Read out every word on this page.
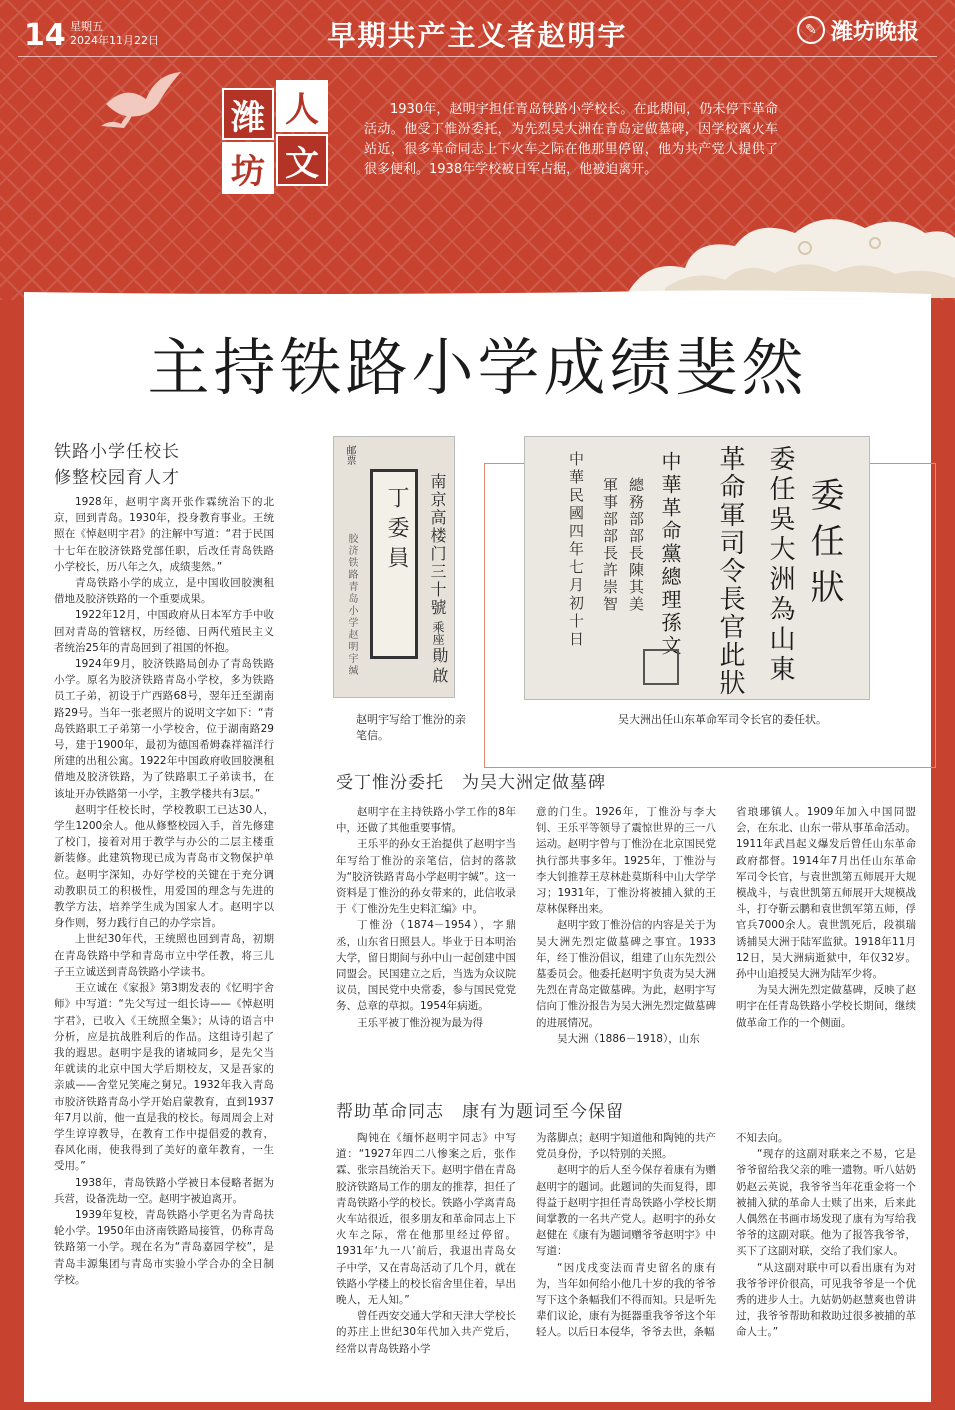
14 星期五
2024年11月22日	早期共产主义者赵明宇	✎ 潍坊晚报
潍 人
坊 文
1930年，赵明宇担任青岛铁路小学校长。在此期间，仍未停下革命活动。他受丁惟汾委托，为先烈吴大洲在青岛定做墓碑，因学校离火车站近，很多革命同志上下火车之际在他那里停留，他为共产党人提供了很多便利。1938年学校被日军占据，他被迫离开。
主持铁路小学成绩斐然
铁路小学任校长
修整校园育人才

1928年，赵明宇离开张作霖统治下的北京，回到青岛。1930年，投身教育事业。王统照在《悼赵明宇君》的注解中写道：“君于民国十七年在胶济铁路党部任职，后改任青岛铁路小学校长，历八年之久，成绩斐然。”

青岛铁路小学的成立，是中国收回胶澳租借地及胶济铁路的一个重要成果。

1922年12月，中国政府从日本军方手中收回对青岛的管辖权，历经德、日两代殖民主义者统治25年的青岛回到了祖国的怀抱。

1924年9月，胶济铁路局创办了青岛铁路小学。原名为胶济铁路青岛小学校，多为铁路员工子弟，初设于广西路68号，翌年迁至湖南路29号。当年一张老照片的说明文字如下：“青岛铁路职工子弟第一小学校舍，位于湖南路29号，建于1900年，最初为德国希姆森祥福洋行所建的出租公寓。1922年中国政府收回胶澳租借地及胶济铁路，为了铁路职工子弟读书，在该址开办铁路第一小学，主教学楼共有3层。”

赵明宇任校长时，学校教职工已达30人，学生1200余人。他从修整校园入手，首先修建了校门，接着对用于教学与办公的二层主楼重新装修。此建筑物现已成为青岛市文物保护单位。赵明宇深知，办好学校的关键在于充分调动教职员工的积极性，用爱国的理念与先进的教学方法，培养学生成为国家人才。赵明宇以身作则，努力践行自己的办学宗旨。

上世纪30年代，王统照也回到青岛，初期在青岛铁路中学和青岛市立中学任教，将三儿子王立诚送到青岛铁路小学读书。

王立诚在《家报》第3期发表的《忆明宇舍师》中写道：“先父写过一组长诗——《悼赵明宇君》，已收入《王统照全集》；从诗的语言中分析，应是抗战胜利后的作品。这组诗引起了我的遐思。赵明宇是我的诸城同乡，是先父当年就读的北京中国大学后期校友，又是吾家的亲戚——舍堂兄笑庵之舅兄。1932年我入青岛市胶济铁路青岛小学开始启蒙教育，直到1937年7月以前，他一直是我的校长。每周周会上对学生谆谆教导，在教育工作中提倡爱的教育，春风化雨，使我得到了美好的童年教育，一生受用。”

1938年，青岛铁路小学被日本侵略者据为兵营，设备洗劫一空。赵明宇被迫离开。

1939年复校，青岛铁路小学更名为青岛扶轮小学。1950年由济南铁路局接管，仍称青岛铁路第一小学。现在名为“青岛嘉园学校”，是青岛丰源集团与青岛市实验小学合办的全日制学校。

邮票
南京高楼门三十號
丁委員
胶济铁路青岛小学赵明宇缄	乘座
勛啟
委任狀
委任吳大洲為山東
革命軍司令長官此狀
中華革命黨總理孫文
總務部部長陳其美
軍事部部長許崇智
中華民國四年七月初十日
赵明宇写给丁惟汾的亲笔信。
吴大洲出任山东革命军司令长官的委任状。
受丁惟汾委托　为吴大洲定做墓碑

赵明宇在主持铁路小学工作的8年中，还做了其他重要事情。

王乐平的孙女王治提供了赵明宇当年写给丁惟汾的亲笔信，信封的落款为“胶济铁路青岛小学赵明宇缄”。这一资料是丁惟汾的孙女带来的，此信收录于《丁惟汾先生史料汇编》中。

丁惟汾（1874－1954），字鼎丞，山东省日照县人。毕业于日本明治大学，留日期间与孙中山一起创建中国同盟会。民国建立之后，当选为众议院议员，国民党中央常委，参与国民党党务、总章的草拟。1954年病逝。

王乐平被丁惟汾视为最为得

意的门生。1926年，丁惟汾与李大钊、王乐平等领导了震惊世界的三一八运动。赵明宇曾与丁惟汾在北京国民党执行部共事多年。1925年，丁惟汾与李大钊推荐王荩林赴莫斯科中山大学学习；1931年，丁惟汾将被捕入狱的王荩林保释出来。

赵明宇致丁惟汾信的内容是关于为吴大洲先烈定做墓碑之事宜。1933年，经丁惟汾倡议，组建了山东先烈公墓委员会。他委托赵明宇负责为吴大洲先烈在青岛定做墓碑。为此，赵明宇写信向丁惟汾报告为吴大洲先烈定做墓碑的进展情况。

吴大洲（1886－1918），山东

省琅琊镇人。1909年加入中国同盟会，在东北、山东一带从事革命活动。1911年武昌起义爆发后曾任山东革命政府都督。1914年7月出任山东革命军司令长官，与袁世凯第五师展开大规模战斗，与袁世凯第五师展开大规模战斗，打夺靳云鹏和袁世凯军第五师，俘官兵7000余人。袁世凯死后，段祺瑞诱捕吴大洲于陆军监狱。1918年11月12日，吴大洲病逝狱中，年仅32岁。孙中山追授吴大洲为陆军少将。

为吴大洲先烈定做墓碑，反映了赵明宇在任青岛铁路小学校长期间，继续做革命工作的一个侧面。

帮助革命同志　康有为题词至今保留

陶钝在《缅怀赵明宇同志》中写道：“1927年四二八惨案之后，张作霖、张宗昌统治天下。赵明宇借在青岛胶济铁路局工作的朋友的推荐，担任了青岛铁路小学的校长。铁路小学离青岛火车站很近，很多朋友和革命同志上下火车之际，常在他那里经过停留。1931年‘九一八’前后，我退出青岛女子中学，又在青岛活动了几个月，就在铁路小学楼上的校长宿舍里住着，早出晚人，无人知。”

曾任西安交通大学和天津大学校长的苏庄上世纪30年代加入共产党后，经常以青岛铁路小学

为落脚点；赵明宇知道他和陶钝的共产党员身份，予以特别的关照。

赵明宇的后人至今保存着康有为赠赵明宇的题词。此题词的失而复得，即得益于赵明宇担任青岛铁路小学校长期间掌教的一名共产党人。赵明宇的孙女赵健在《康有为题词赠爷爷赵明宇》中写道：

“因戊戌变法而青史留名的康有为，当年如何给小他几十岁的我的爷爷写下这个条幅我们不得而知。只是听先辈们议论，康有为挺器重我爷爷这个年轻人。以后日本侵华，爷爷去世，条幅

不知去向。

“现存的这副对联来之不易，它是爷爷留给我父亲的唯一遗物。听八姑奶奶赵云英说，我爷爷当年花重金将一个被捕入狱的革命人士赎了出来，后来此人偶然在书画市场发现了康有为写给我爷爷的这副对联。他为了报答我爷爷，买下了这副对联，交给了我们家人。

“从这副对联中可以看出康有为对我爷爷评价很高，可见我爷爷是一个优秀的进步人士。九姑奶奶赵慧爽也曾讲过，我爷爷帮助和救助过很多被捕的革命人士。”
